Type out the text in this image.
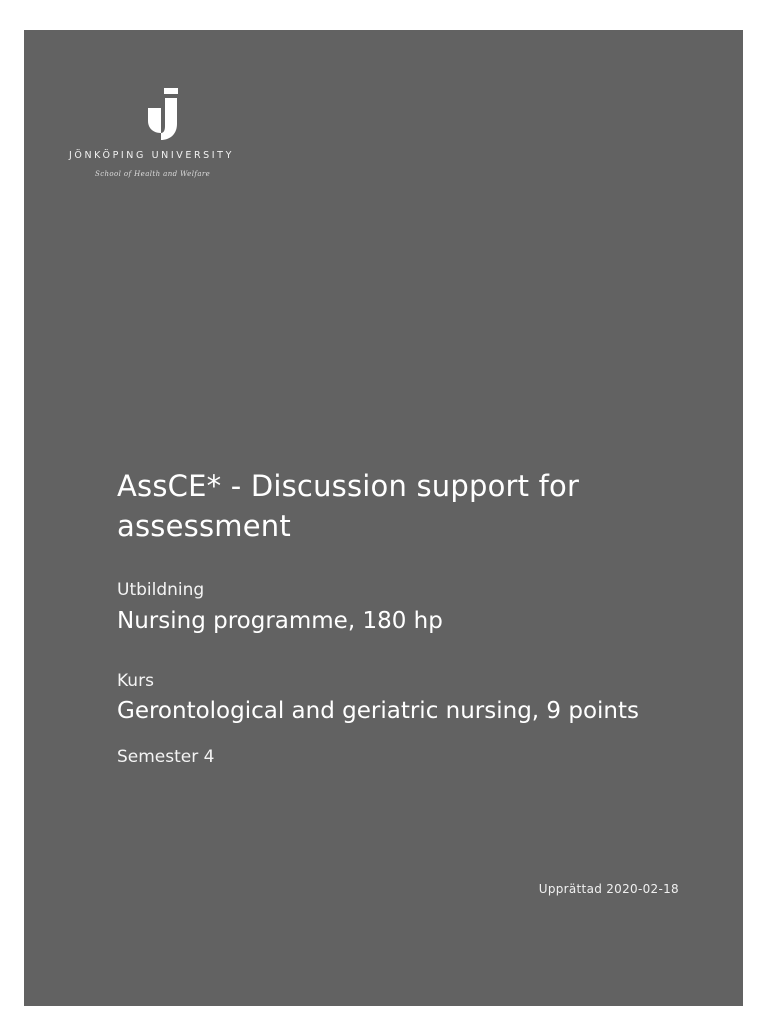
JÖNKÖPING UNIVERSITY
School of Health and Welfare
AssCE* - Discussion support for assessment
Utbildning
Nursing programme, 180 hp
Kurs
Gerontological and geriatric nursing, 9 points
Semester 4
Upprättad 2020-02-18
